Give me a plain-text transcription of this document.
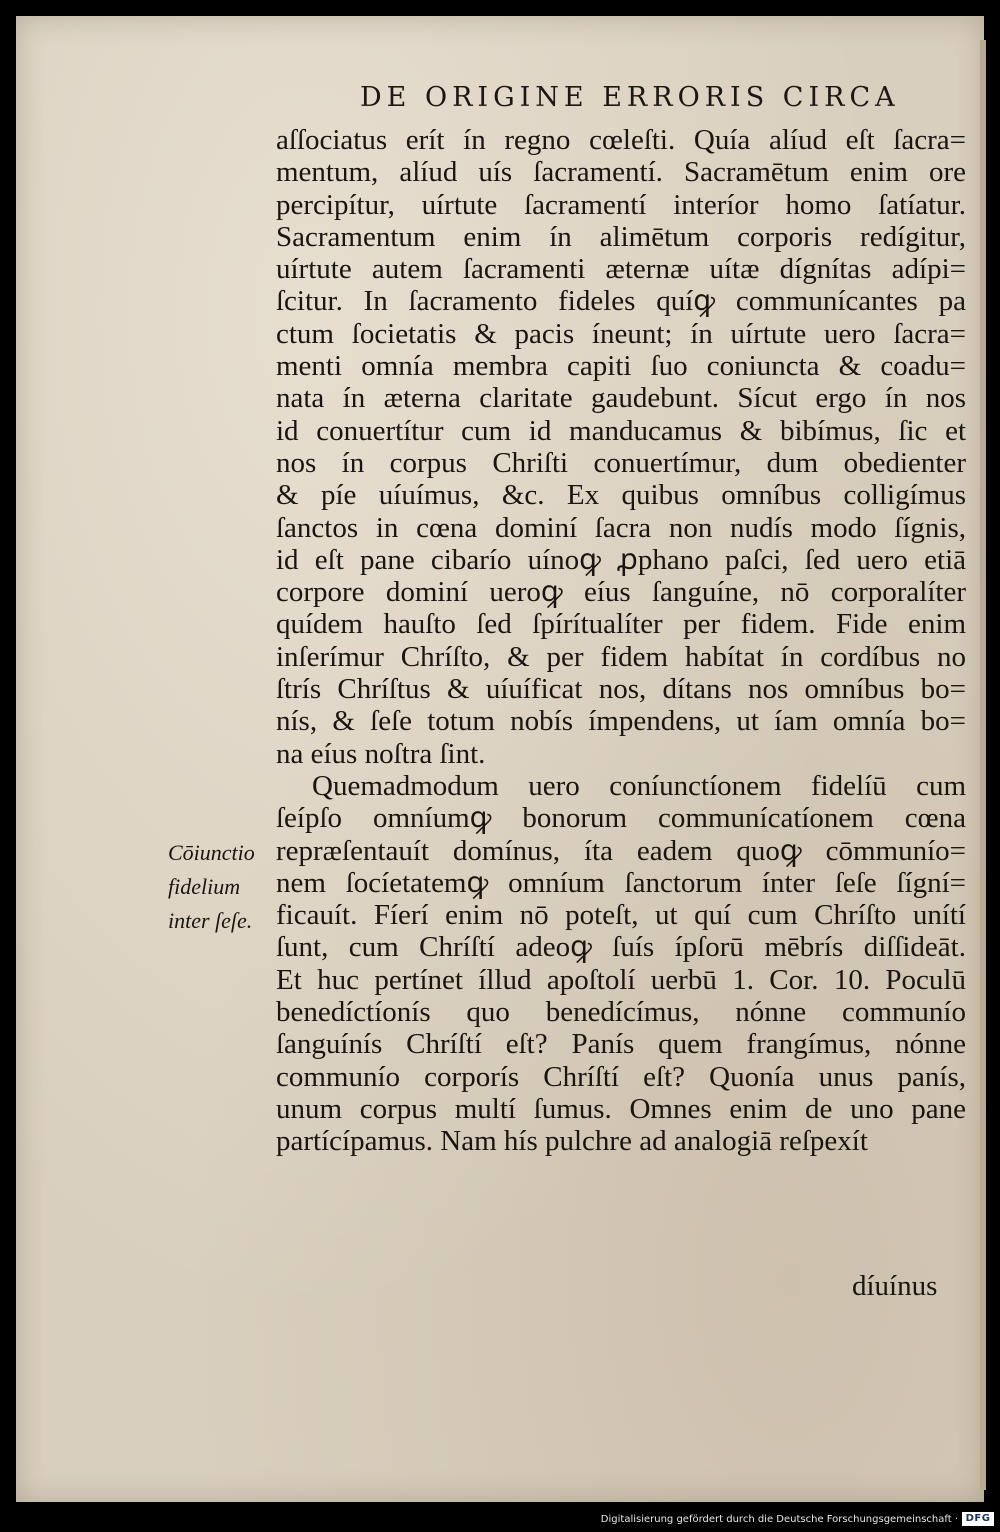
DE ORIGINE ERRORIS CIRCA
aſſociatus erít ín regno cœleſti. Quía alíud eſt ſacra=
mentum, alíud uís ſacramentí. Sacramētum enim ore
percipítur, uírtute ſacramentí interíor homo ſatíatur.
Sacramentum enim ín alimētum corporis redígitur,
uírtute autem ſacramenti æternæ uítæ dígnítas adípi=
ſcitur. In ſacramento fideles quíꝙ communícantes pa
ctum ſocietatis & pacis íneunt; ín uírtute uero ſacra=
menti omnía membra capiti ſuo coniuncta & coadu=
nata ín æterna claritate gaudebunt. Sícut ergo ín nos
id conuertítur cum id manducamus & bibímus, ſic et
nos ín corpus Chriſti conuertímur, dum obedienter
& píe uíuímus, &c. Ex quibus omníbus colligímus
ſanctos in cœna dominí ſacra non nudís modo ſígnis,
id eſt pane cibarío uínoꝙ ꝓphano paſci, ſed uero etiā
corpore dominí ueroꝙ eíus ſanguíne, nō corporalíter
quídem hauſto ſed ſpírítualíter per fidem. Fide enim
inſerímur Chríſto, & per fidem habítat ín cordíbus no
ſtrís Chríſtus & uíuíficat nos, dítans nos omníbus bo=
nís, & ſeſe totum nobís ímpendens, ut íam omnía bo=
na eíus noſtra ſint.
Quemadmodum uero coníunctíonem fidelíū cum
ſeípſo omníumꝙ bonorum communícatíonem cœna
repræſentauít domínus, íta eadem quoꝙ cōmmunío=
nem ſocíetatemꝙ omníum ſanctorum ínter ſeſe ſígní=
ficauít. Fíerí enim nō poteſt, ut quí cum Chríſto unítí
ſunt, cum Chríſtí adeoꝙ ſuís ípſorū mēbrís diſſideāt.
Et huc pertínet íllud apoſtolí uerbū 1. Cor. 10. Poculū
benedíctíonís quo benedícímus, nónne communío
ſanguínís Chríſtí eſt? Panís quem frangímus, nónne
communío corporís Chríſtí eſt? Quonía unus panís,
unum corpus multí ſumus. Omnes enim de uno pane
partícípamus. Nam hís pulchre ad analogiā reſpexít
Cōiunctio
fidelium
inter ſeſe.
díuínus
Digitalisierung gefördert durch die Deutsche Forschungsgemeinschaft · DFG
